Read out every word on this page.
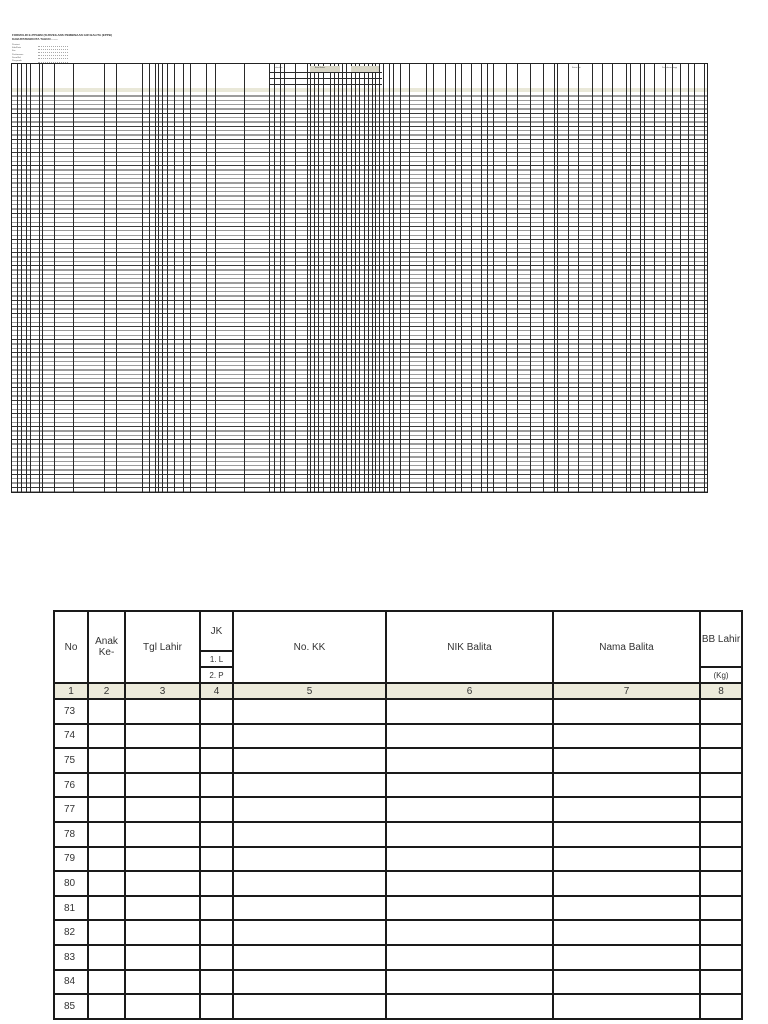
FORMULIR E-PPGBM (SURVEILANS PEMBINAAN GIZI BALITA (EPPB)
KABUPATEN/KOTA TAHUN ........
Provinsi
Kab/Kota
Kec
Puskesmas
Desa/Kel
Posyandu
Kelurahan	Berat Badan	Status Gizi	Pengukuran Tinggi
No	Anak Ke-	Tgl Lahir	JK	No. KK	NIK Balita	Nama Balita	BB Lahir
			1. L				
			2. P				(Kg)
1	2	3	4	5	6	7	8
73							
74							
75							
76							
77							
78							
79							
80							
81							
82							
83							
84							
85							
